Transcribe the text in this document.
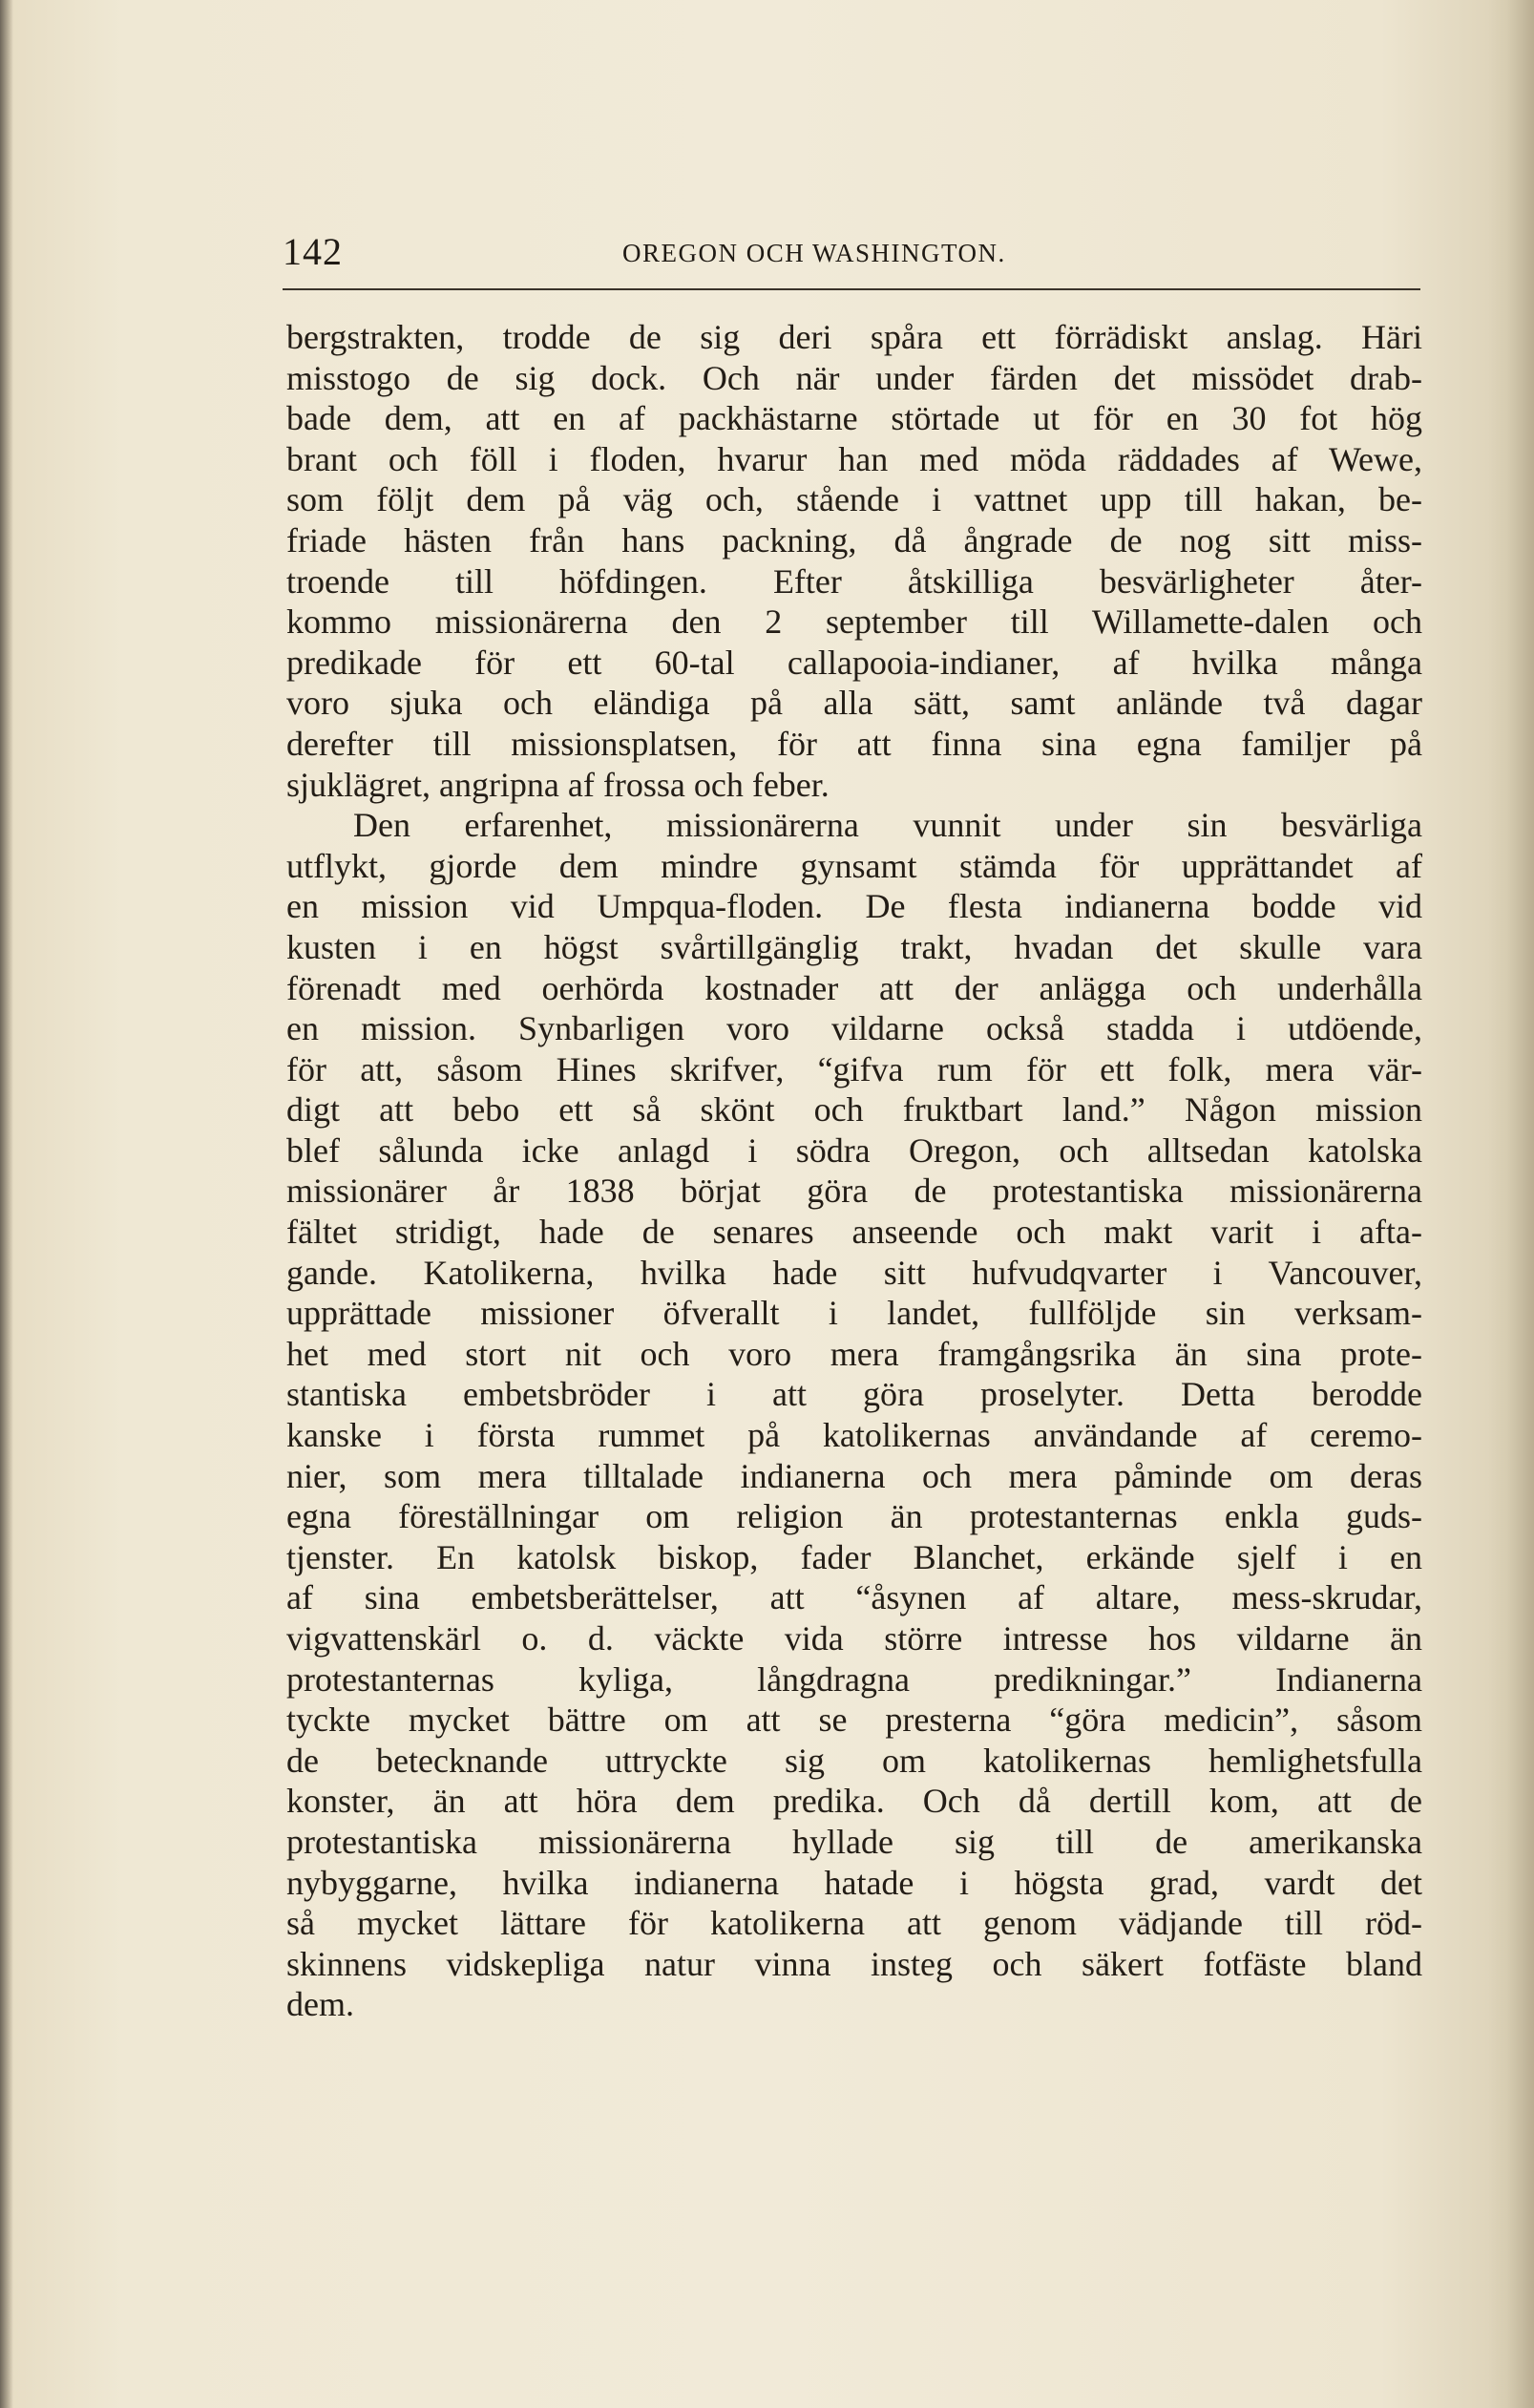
142	OREGON OCH WASHINGTON.
bergstrakten, trodde de sig deri spåra ett förrädiskt anslag. Häri
misstogo de sig dock. Och när under färden det missödet drab-
bade dem, att en af packhästarne störtade ut för en 30 fot hög
brant och föll i floden, hvarur han med möda räddades af Wewe,
som följt dem på väg och, stående i vattnet upp till hakan, be-
friade hästen från hans packning, då ångrade de nog sitt miss-
troende till höfdingen. Efter åtskilliga besvärligheter åter-
kommo missionärerna den 2 september till Willamette-dalen och
predikade för ett 60-tal callapooia-indianer, af hvilka många
voro sjuka och eländiga på alla sätt, samt anlände två dagar
derefter till missionsplatsen, för att finna sina egna familjer på
sjuklägret, angripna af frossa och feber.
Den erfarenhet, missionärerna vunnit under sin besvärliga
utflykt, gjorde dem mindre gynsamt stämda för upprättandet af
en mission vid Umpqua-floden. De flesta indianerna bodde vid
kusten i en högst svårtillgänglig trakt, hvadan det skulle vara
förenadt med oerhörda kostnader att der anlägga och underhålla
en mission. Synbarligen voro vildarne också stadda i utdöende,
för att, såsom Hines skrifver, “gifva rum för ett folk, mera vär-
digt att bebo ett så skönt och fruktbart land.” Någon mission
blef sålunda icke anlagd i södra Oregon, och alltsedan katolska
missionärer år 1838 börjat göra de protestantiska missionärerna
fältet stridigt, hade de senares anseende och makt varit i afta-
gande. Katolikerna, hvilka hade sitt hufvudqvarter i Vancouver,
upprättade missioner öfverallt i landet, fullföljde sin verksam-
het med stort nit och voro mera framgångsrika än sina prote-
stantiska embetsbröder i att göra proselyter. Detta berodde
kanske i första rummet på katolikernas användande af ceremo-
nier, som mera tilltalade indianerna och mera påminde om deras
egna föreställningar om religion än protestanternas enkla guds-
tjenster. En katolsk biskop, fader Blanchet, erkände sjelf i en
af sina embetsberättelser, att “åsynen af altare, mess-skrudar,
vigvattenskärl o. d. väckte vida större intresse hos vildarne än
protestanternas kyliga, långdragna predikningar.” Indianerna
tyckte mycket bättre om att se presterna “göra medicin”, såsom
de betecknande uttryckte sig om katolikernas hemlighetsfulla
konster, än att höra dem predika. Och då dertill kom, att de
protestantiska missionärerna hyllade sig till de amerikanska
nybyggarne, hvilka indianerna hatade i högsta grad, vardt det
så mycket lättare för katolikerna att genom vädjande till röd-
skinnens vidskepliga natur vinna insteg och säkert fotfäste bland
dem.
